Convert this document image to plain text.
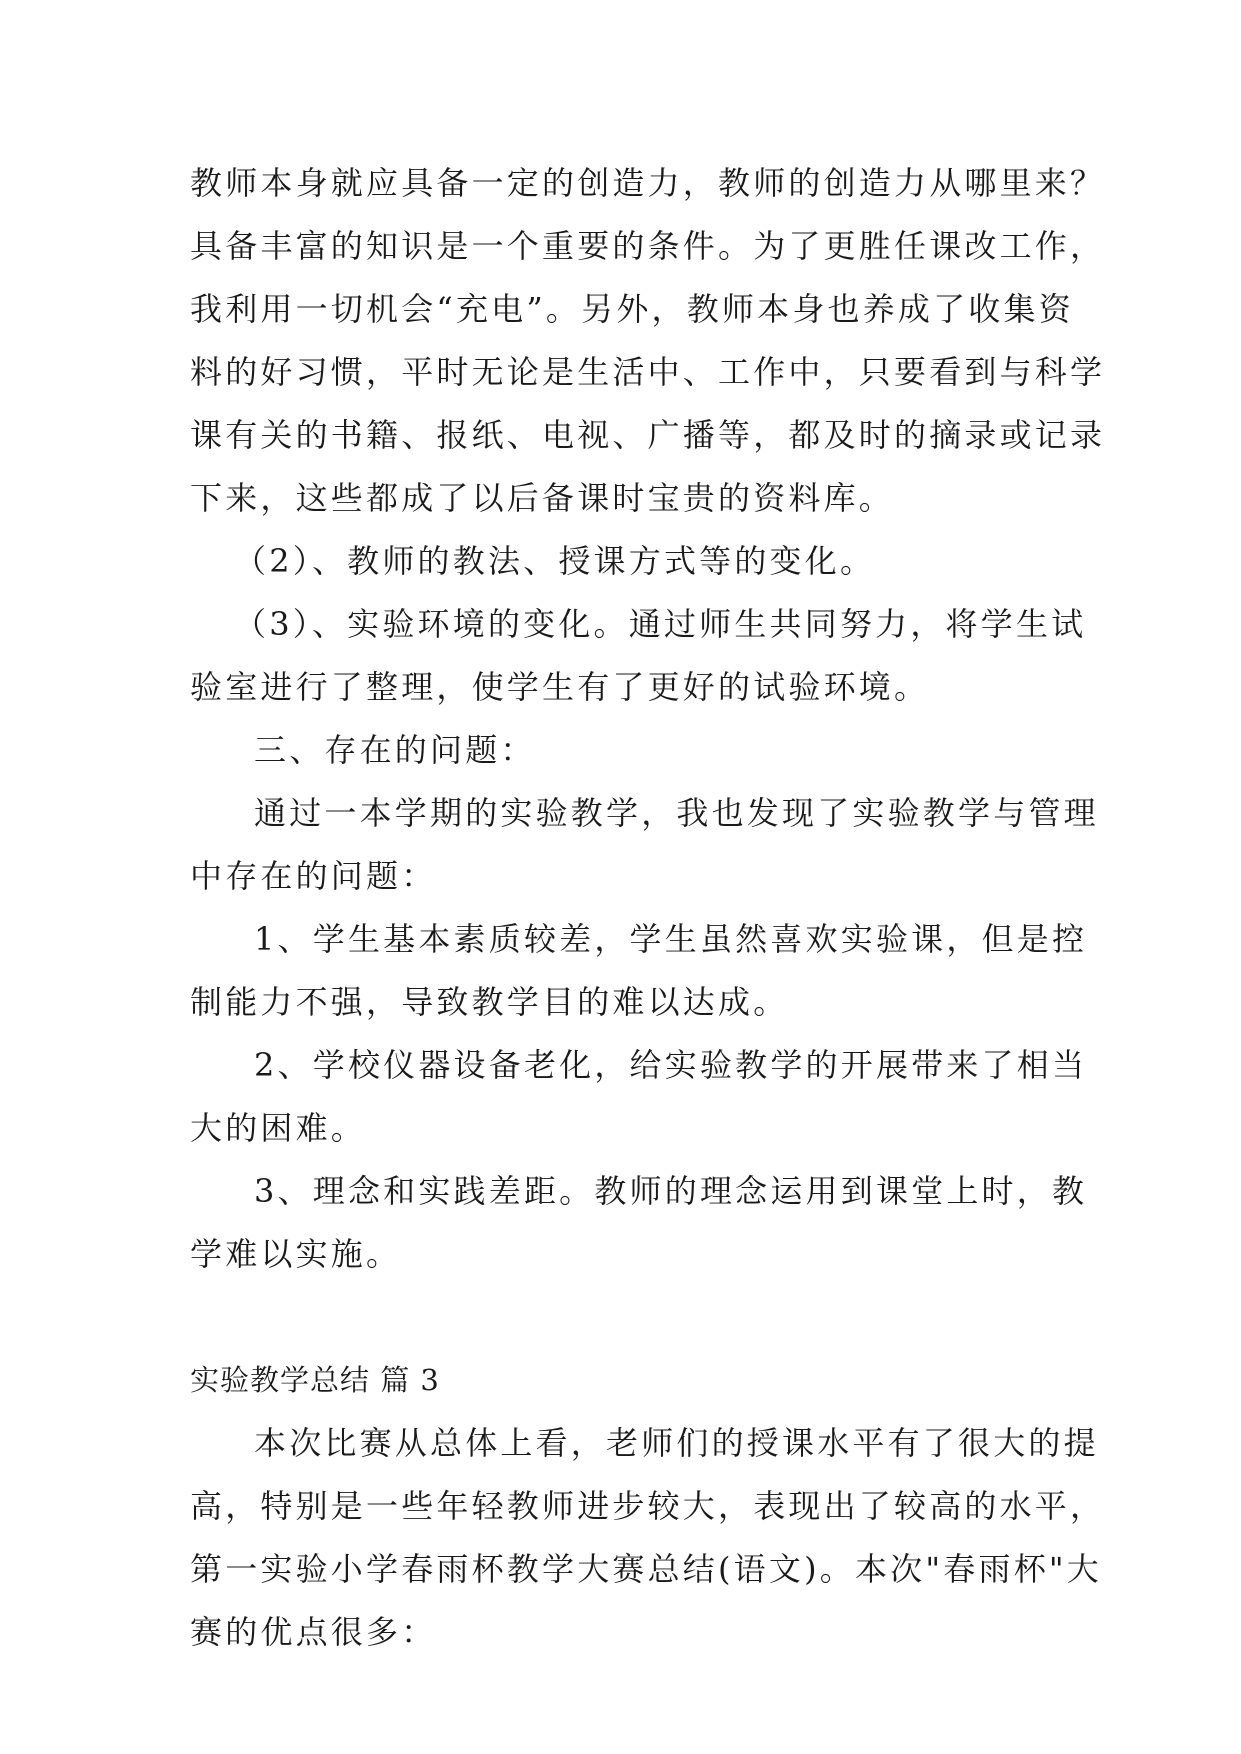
教师本身就应具备一定的创造力，教师的创造力从哪里来？

具备丰富的知识是一个重要的条件。为了更胜任课改工作，

我利用一切机会“充电”。另外，教师本身也养成了收集资

料的好习惯，平时无论是生活中、工作中，只要看到与科学

课有关的书籍、报纸、电视、广播等，都及时的摘录或记录

下来，这些都成了以后备课时宝贵的资料库。

（2）、教师的教法、授课方式等的变化。

（3）、实验环境的变化。通过师生共同努力，将学生试

验室进行了整理，使学生有了更好的试验环境。

三、存在的问题：

通过一本学期的实验教学，我也发现了实验教学与管理

中存在的问题：

1、学生基本素质较差，学生虽然喜欢实验课，但是控

制能力不强，导致教学目的难以达成。

2、学校仪器设备老化，给实验教学的开展带来了相当

大的困难。

3、理念和实践差距。教师的理念运用到课堂上时，教

学难以实施。

实验教学总结 篇 3

本次比赛从总体上看，老师们的授课水平有了很大的提

高，特别是一些年轻教师进步较大，表现出了较高的水平，

第一实验小学春雨杯教学大赛总结(语文)。本次"春雨杯"大

赛的优点很多：
